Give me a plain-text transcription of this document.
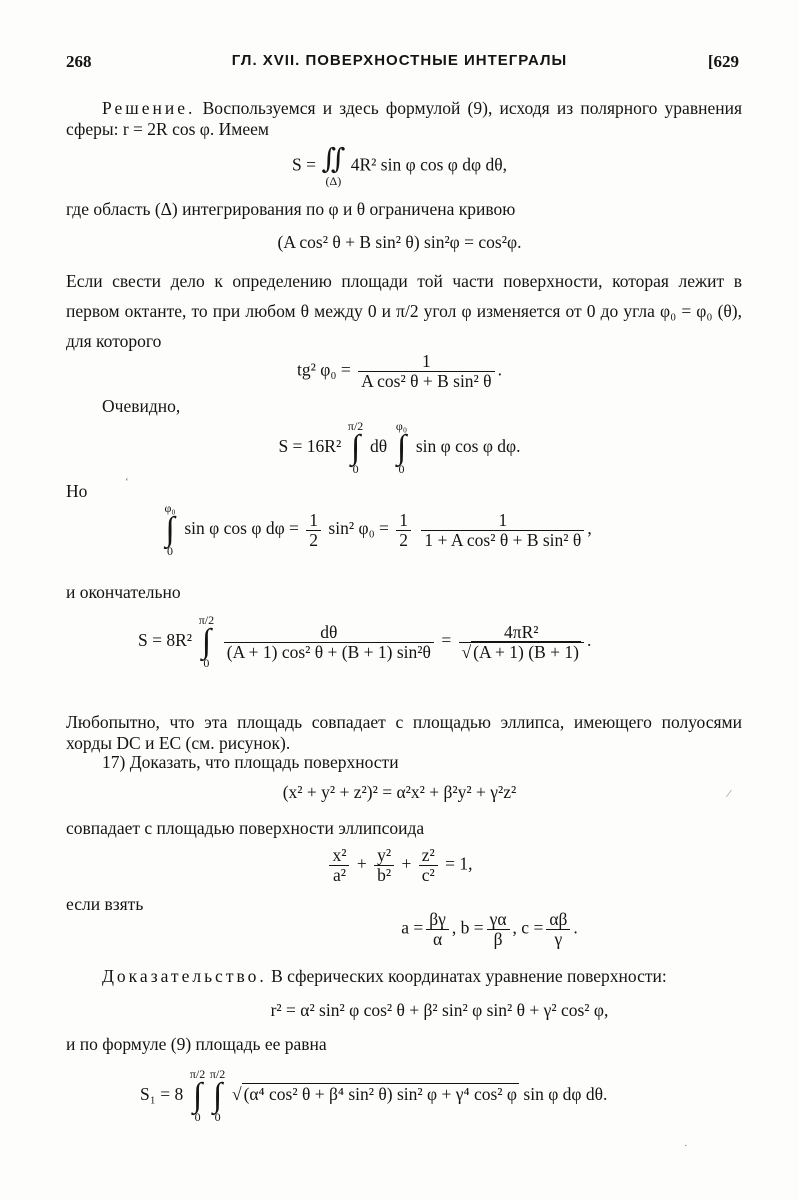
268	ГЛ. XVII. ПОВЕРХНОСТНЫЕ ИНТЕГРАЛЫ	[629
Решение. Воспользуемся и здесь формулой (9), исходя из полярного уравнения сферы: r = 2R cos φ. Имеем
S = ∬
(Δ)
4R² sin φ cos φ dφ dθ,
где область (Δ) интегрирования по φ и θ ограничена кривою
(A cos² θ + B sin² θ) sin²φ = cos²φ.
Если свести дело к определению площади той части поверхности, которая лежит в первом октанте, то при любом θ между 0 и π/2 угол φ изменяется от 0 до угла φ₀ = φ₀ (θ), для которого
tg² $\varphi_0 = \frac{1}{\text{A cos² θ + B sin² θ}}$ .
Очевидно,
S = 16R²
π/2
∫
0
dθ
φ₀
∫
0
sin φ cos φ dφ.
Но	ʻ
φ₀
∫
0
sin φ cos φ $d\varphi = \frac{1}{2} \sin^2$ $\varphi_0 = \frac{1}{2}$
$\frac{1}{\text{1 + A cos² θ + B sin² θ}}$ ,
и окончательно
S = 8R²
π/2
∫
0

$\frac{d\theta}{\text{(A + 1) cos² θ + (B + 1) sin²θ}} = \frac{\text{4πR²}}{√ (A + 1) (B + 1)}$ .
Любопытно, что эта площадь совпадает с площадью эллипса, имеющего полуосями хорды DC и EC (см. рисунок).
17) Доказать, что площадь поверхности
(x² + y² + z²)² = α²x² + β²y² + γ²z²	⁄
совпадает с площадью поверхности эллипсоида
$\frac{\text{x²}}{\text{a²}} + \frac{\text{y²}}{\text{b²}} + \frac{\text{z²}}{\text{c²}} = 1$,
если взять
$a = \frac{\beta\gamma}{\alpha}$ , $b = \frac{\gamma\alpha}{\beta}$ , $c = \frac{\alpha\beta}{\gamma}$ .
Доказательство. В сферических координатах уравнение поверхности:
r² = α² sin² φ cos² θ + β² sin² φ sin² θ + γ² cos² φ,
и по формуле (9) площадь ее равна
S₁ = 8
π/2
∫
0
π/2
∫
0
√ (α⁴ cos² θ + β⁴ sin² θ) sin² φ + γ⁴ cos² φ sin φ dφ dθ.
·
